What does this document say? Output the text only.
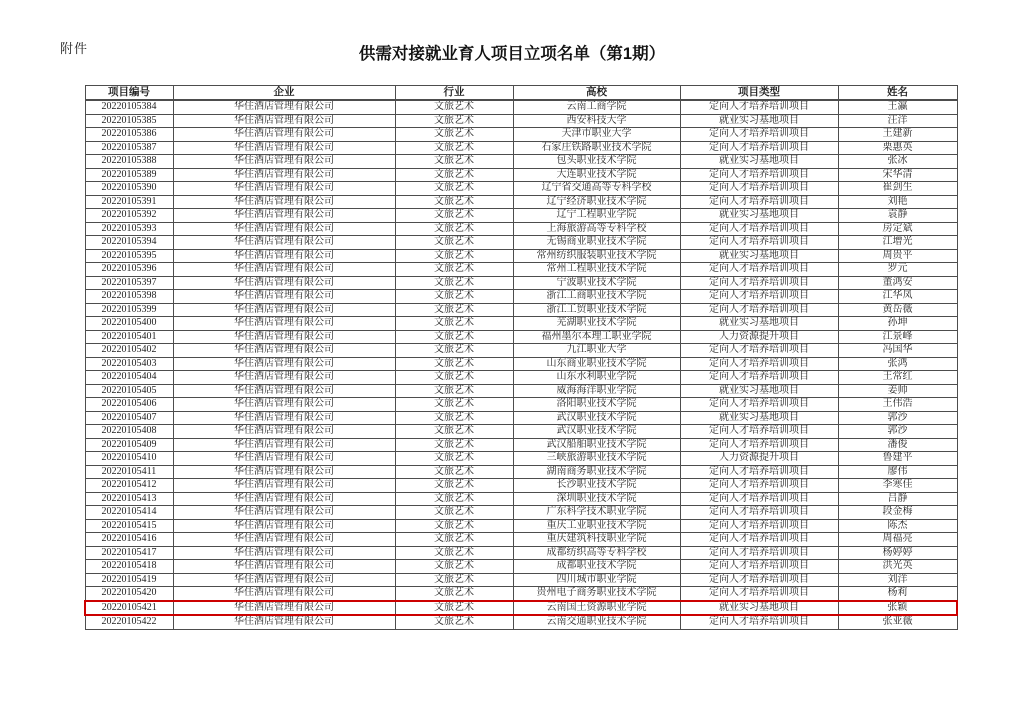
附件	供需对接就业育人项目立项名单（第1期）
项目编号	企业	行业	高校	项目类型	姓名
20220105384	华住酒店管理有限公司	文旅艺术	云南工商学院	定向人才培养培训项目	王瀛
20220105385	华住酒店管理有限公司	文旅艺术	西安科技大学	就业实习基地项目	汪洋
20220105386	华住酒店管理有限公司	文旅艺术	天津市职业大学	定向人才培养培训项目	王建新
20220105387	华住酒店管理有限公司	文旅艺术	石家庄铁路职业技术学院	定向人才培养培训项目	栗惠英
20220105388	华住酒店管理有限公司	文旅艺术	包头职业技术学院	就业实习基地项目	张冰
20220105389	华住酒店管理有限公司	文旅艺术	大连职业技术学院	定向人才培养培训项目	宋华清
20220105390	华住酒店管理有限公司	文旅艺术	辽宁省交通高等专科学校	定向人才培养培训项目	崔剑生
20220105391	华住酒店管理有限公司	文旅艺术	辽宁经济职业技术学院	定向人才培养培训项目	刘艳
20220105392	华住酒店管理有限公司	文旅艺术	辽宁工程职业学院	就业实习基地项目	袁静
20220105393	华住酒店管理有限公司	文旅艺术	上海旅游高等专科学校	定向人才培养培训项目	房定斌
20220105394	华住酒店管理有限公司	文旅艺术	无锡商业职业技术学院	定向人才培养培训项目	江增光
20220105395	华住酒店管理有限公司	文旅艺术	常州纺织服装职业技术学院	就业实习基地项目	周贵平
20220105396	华住酒店管理有限公司	文旅艺术	常州工程职业技术学院	定向人才培养培训项目	罗元
20220105397	华住酒店管理有限公司	文旅艺术	宁波职业技术学院	定向人才培养培训项目	董鸿安
20220105398	华住酒店管理有限公司	文旅艺术	浙江工商职业技术学院	定向人才培养培训项目	江华凤
20220105399	华住酒店管理有限公司	文旅艺术	浙江工贸职业技术学院	定向人才培养培训项目	黄岳薇
20220105400	华住酒店管理有限公司	文旅艺术	芜湖职业技术学院	就业实习基地项目	孙坤
20220105401	华住酒店管理有限公司	文旅艺术	福州墨尔本理工职业学院	人力资源提升项目	江景峰
20220105402	华住酒店管理有限公司	文旅艺术	九江职业大学	定向人才培养培训项目	冯国华
20220105403	华住酒店管理有限公司	文旅艺术	山东商业职业技术学院	定向人才培养培训项目	张鸿
20220105404	华住酒店管理有限公司	文旅艺术	山东水利职业学院	定向人才培养培训项目	王常红
20220105405	华住酒店管理有限公司	文旅艺术	威海海洋职业学院	就业实习基地项目	姜帅
20220105406	华住酒店管理有限公司	文旅艺术	洛阳职业技术学院	定向人才培养培训项目	王伟浩
20220105407	华住酒店管理有限公司	文旅艺术	武汉职业技术学院	就业实习基地项目	郭沙
20220105408	华住酒店管理有限公司	文旅艺术	武汉职业技术学院	定向人才培养培训项目	郭沙
20220105409	华住酒店管理有限公司	文旅艺术	武汉船舶职业技术学院	定向人才培养培训项目	潘俊
20220105410	华住酒店管理有限公司	文旅艺术	三峡旅游职业技术学院	人力资源提升项目	鲁建平
20220105411	华住酒店管理有限公司	文旅艺术	湖南商务职业技术学院	定向人才培养培训项目	廖伟
20220105412	华住酒店管理有限公司	文旅艺术	长沙职业技术学院	定向人才培养培训项目	李寒佳
20220105413	华住酒店管理有限公司	文旅艺术	深圳职业技术学院	定向人才培养培训项目	吕静
20220105414	华住酒店管理有限公司	文旅艺术	广东科学技术职业学院	定向人才培养培训项目	段金梅
20220105415	华住酒店管理有限公司	文旅艺术	重庆工业职业技术学院	定向人才培养培训项目	陈杰
20220105416	华住酒店管理有限公司	文旅艺术	重庆建筑科技职业学院	定向人才培养培训项目	周福亮
20220105417	华住酒店管理有限公司	文旅艺术	成都纺织高等专科学校	定向人才培养培训项目	杨婷婷
20220105418	华住酒店管理有限公司	文旅艺术	成都职业技术学院	定向人才培养培训项目	洪光英
20220105419	华住酒店管理有限公司	文旅艺术	四川城市职业学院	定向人才培养培训项目	刘洋
20220105420	华住酒店管理有限公司	文旅艺术	贵州电子商务职业技术学院	定向人才培养培训项目	杨莉
20220105421	华住酒店管理有限公司	文旅艺术	云南国土资源职业学院	就业实习基地项目	张颖
20220105422	华住酒店管理有限公司	文旅艺术	云南交通职业技术学院	定向人才培养培训项目	张亚薇
